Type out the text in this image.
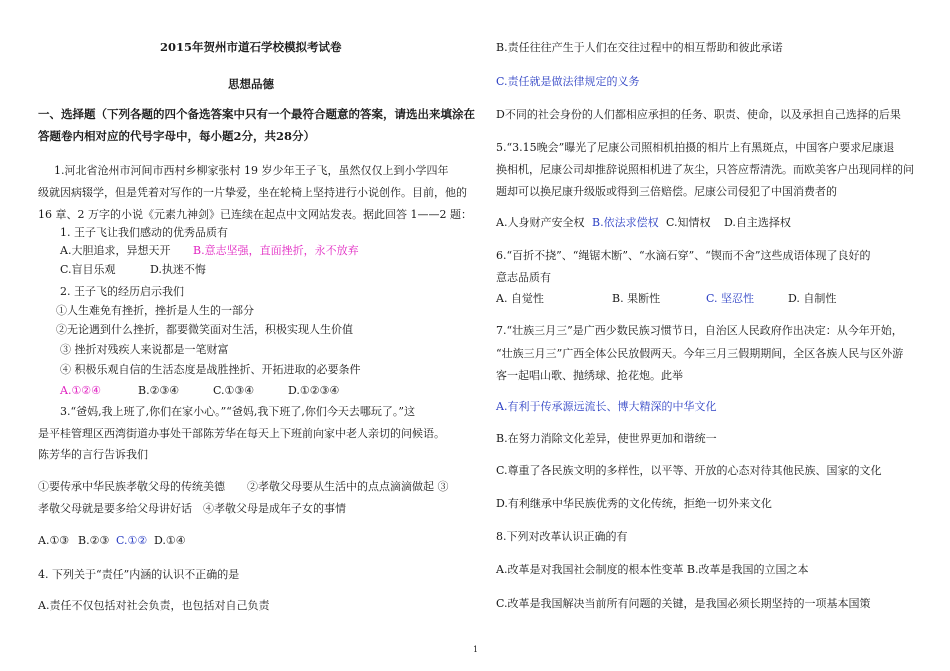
2015年贺州市道石学校模拟考试卷
思想品德
一、选择题（下列各题的四个备选答案中只有一个最符合题意的答案，请选出来填涂在
答题卷内相对应的代号字母中，每小题2分，共28分）
1.河北省沧州市河间市西村乡柳家张村 19 岁少年王子飞，虽然仅仅上到小学四年
级就因病辍学，但是凭着对写作的一片挚爱，坐在轮椅上坚持进行小说创作。目前，他的
16 章、2 万字的小说《元素九神剑》已连续在起点中文网站发表。据此回答 1——2 题：
1. 王子飞让我们感动的优秀品质有
A.大胆追求，异想天开 B.意志坚强，直面挫折，永不放弃
C.盲目乐观	D.执迷不悔
2. 王子飞的经历启示我们
①人生难免有挫折，挫折是人生的一部分
②无论遇到什么挫折，都要微笑面对生活，积极实现人生价值
③ 挫折对残疾人来说都是一笔财富
④ 积极乐观自信的生活态度是战胜挫折、开拓进取的必要条件
A.①②④	B.②③④	C.①③④	D.①②③④
3.“爸妈,我上班了,你们在家小心。”“爸妈,我下班了,你们今天去哪玩了。”这
是平桂管理区西湾街道办事处干部陈芳华在每天上下班前向家中老人亲切的问候语。
陈芳华的言行告诉我们
①要传承中华民族孝敬父母的传统美德　　②孝敬父母要从生活中的点点滴滴做起 ③
孝敬父母就是要多给父母讲好话　④孝敬父母是成年子女的事情
A.①③ B.②③ C.①② D.①④
4. 下列关于“责任”内涵的认识不正确的是
A.责任不仅包括对社会负责，也包括对自己负责
B.责任往往产生于人们在交往过程中的相互帮助和彼此承诺
C.责任就是做法律规定的义务
D不同的社会身份的人们都相应承担的任务、职责、使命，以及承担自己选择的后果
5.“3.15晚会”曝光了尼康公司照相机拍摄的相片上有黑斑点，中国客户要求尼康退
换相机，尼康公司却推辞说照相机进了灰尘，只答应帮清洗。而欧美客户出现同样的问
题却可以换尼康升级版或得到三倍赔偿。尼康公司侵犯了中国消费者的
A.人身财产安全权 B.依法求偿权 C.知情权 D.自主选择权
6.“百折不挠”、“绳锯木断”、“水滴石穿”、“锲而不舍”这些成语体现了良好的
意志品质有
A. 自觉性	B. 果断性	C. 坚忍性	D. 自制性
7.“壮族三月三”是广西少数民族习惯节日，自治区人民政府作出决定：从今年开始，
“壮族三月三”广西全体公民放假两天。今年三月三假期期间，全区各族人民与区外游
客一起唱山歌、抛绣球、抢花炮。此举
A.有利于传承源远流长、博大精深的中华文化
B.在努力消除文化差异，使世界更加和谐统一
C.尊重了各民族文明的多样性，以平等、开放的心态对待其他民族、国家的文化
D.有利继承中华民族优秀的文化传统，拒绝一切外来文化
8.下列对改革认识正确的有
A.改革是对我国社会制度的根本性变革 B.改革是我国的立国之本
C.改革是我国解决当前所有问题的关键，是我国必须长期坚持的一项基本国策
1
